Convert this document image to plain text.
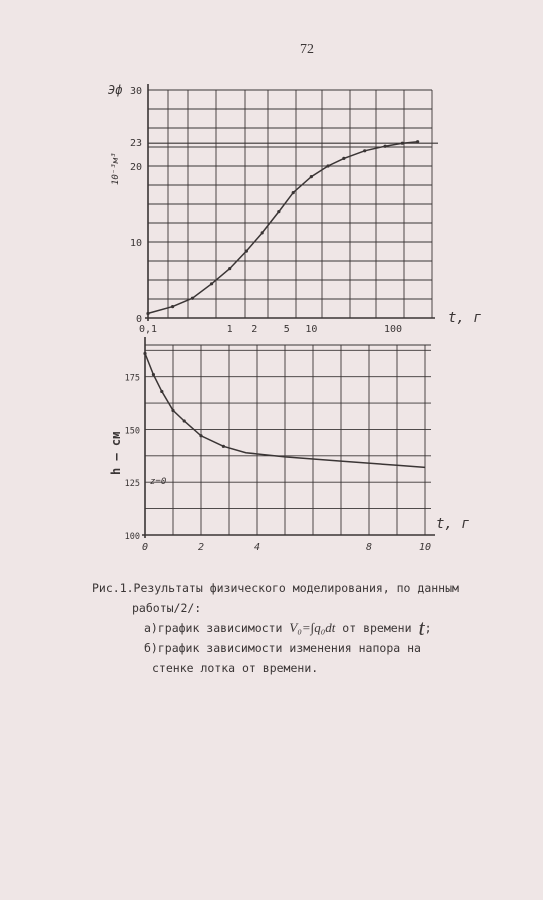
72
0,1	1 2	5 10	100
0
10
20
23
30
Эф
10⁻³м³
t, г
0	2	4	8	10
100
125
150
175
h – см
t, г
z=0
Рис.1.Результаты физического моделирования, по данным
работы/2/:
а)график зависимости V₀=∫q₀dt от времени t;
б)график зависимости изменения напора на
стенке лотка от времени.
